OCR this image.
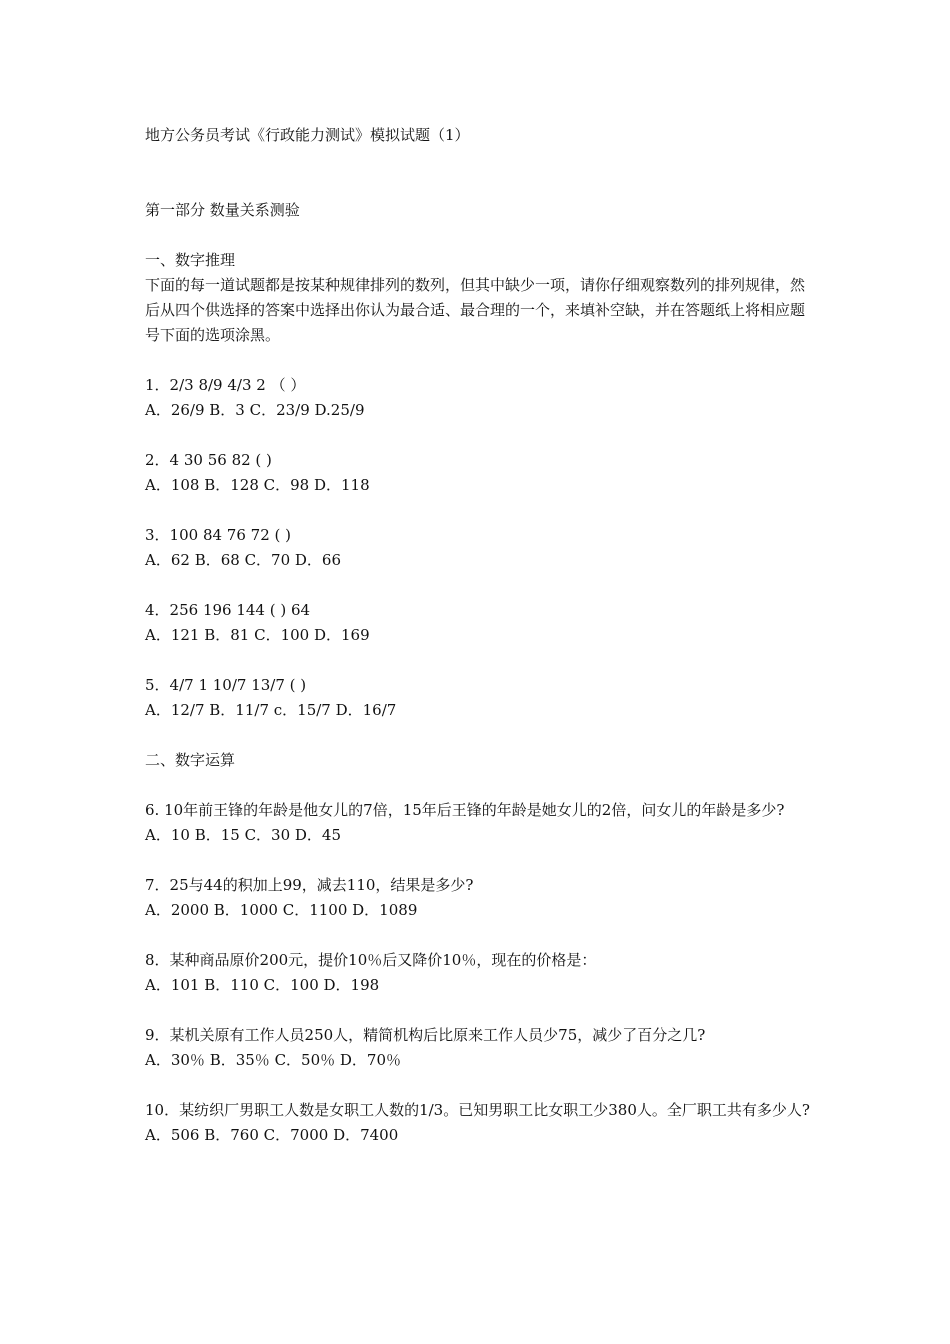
地方公务员考试《行政能力测试》模拟试题（1）
第一部分 数量关系测验
一、数字推理
下面的每一道试题都是按某种规律排列的数列，但其中缺少一项，请你仔细观察数列的排列规律，然后从四个供选择的答案中选择出你认为最合适、最合理的一个，来填补空缺，并在答题纸上将相应题号下面的选项涂黑。
1．2/3 8/9 4/3 2 （ ）
A．26/9 B．3 C．23/9 D.25/9
2．4 30 56 82 ( )
A．108 B．128 C．98 D．118
3．100 84 76 72 ( )
A．62 B．68 C．70 D．66
4．256 196 144 ( ) 64
A．121 B．81 C．100 D．169
5．4/7 1 10/7 13/7 ( )
A．12/7 B．11/7 c．15/7 D．16/7
二、数字运算
6. 10年前王锋的年龄是他女儿的7倍，15年后王锋的年龄是她女儿的2倍，问女儿的年龄是多少?
A．10 B．15 C．30 D．45
7．25与44的积加上99，减去110，结果是多少?
A．2000 B．1000 C．1100 D．1089
8．某种商品原价200元，提价10％后又降价10％，现在的价格是：
A．101 B．110 C．100 D．198
9．某机关原有工作人员250人，精简机构后比原来工作人员少75，减少了百分之几?
A．30％ B．35％ C．50％ D．70％
10．某纺织厂男职工人数是女职工人数的1/3。已知男职工比女职工少380人。全厂职工共有多少人?
A．506 B．760 C．7000 D．7400
